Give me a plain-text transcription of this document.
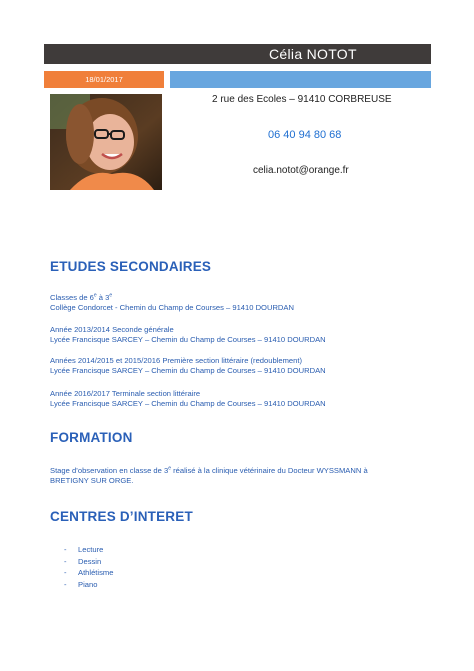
Célia NOTOT
18/01/2017
2 rue des Ecoles – 91410 CORBREUSE
06 40 94 80 68
celia.notot@orange.fr
ETUDES SECONDAIRES
Classes de 6e à 3e
Collège Condorcet - Chemin du Champ de Courses – 91410 DOURDAN
Année 2013/2014 Seconde générale
Lycée Francisque SARCEY – Chemin du Champ de Courses – 91410 DOURDAN
Années 2014/2015 et 2015/2016 Première section littéraire (redoublement)
Lycée Francisque SARCEY – Chemin du Champ de Courses – 91410 DOURDAN
Année 2016/2017 Terminale section littéraire
Lycée Francisque SARCEY – Chemin du Champ de Courses – 91410 DOURDAN
FORMATION
Stage d’observation en classe de 3e réalisé à la clinique vétérinaire du Docteur WYSSMANN à
BRETIGNY SUR ORGE.
CENTRES D’INTERET
- Lecture
- Dessin
- Athlétisme
- Piano
